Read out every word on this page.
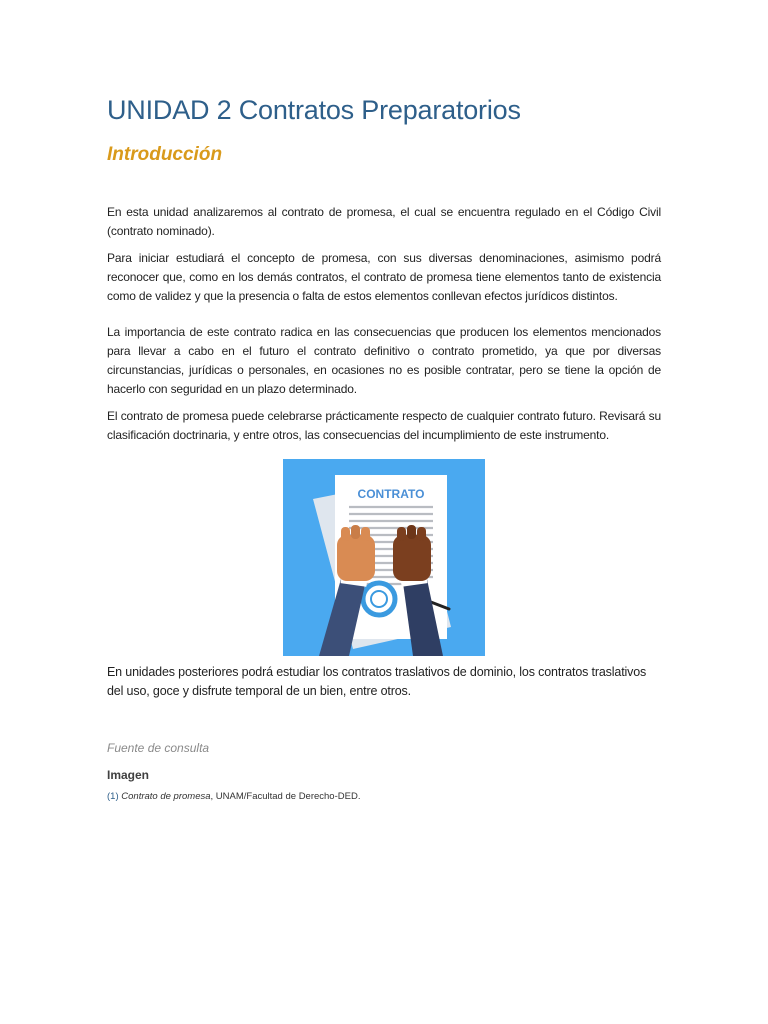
UNIDAD 2 Contratos Preparatorios
Introducción

En esta unidad analizaremos al contrato de promesa, el cual se encuentra regulado en el Código Civil (contrato nominado).

Para iniciar estudiará el concepto de promesa, con sus diversas denominaciones, asimismo podrá reconocer que, como en los demás contratos, el contrato de promesa tiene elementos tanto de existencia como de validez y que la presencia o falta de estos elementos conllevan efectos jurídicos distintos.

La importancia de este contrato radica en las consecuencias que producen los elementos mencionados para llevar a cabo en el futuro el contrato definitivo o contrato prometido, ya que por diversas circunstancias, jurídicas o personales, en ocasiones no es posible contratar, pero se tiene la opción de hacerlo con seguridad en un plazo determinado.

El contrato de promesa puede celebrarse prácticamente respecto de cualquier contrato futuro. Revisará su clasificación doctrinaria, y entre otros, las consecuencias del incumplimiento de este instrumento.

CONTRATO

En unidades posteriores podrá estudiar los contratos traslativos de dominio, los contratos traslativos del uso, goce y disfrute temporal de un bien, entre otros.

Fuente de consulta
Imagen
(1) Contrato de promesa, UNAM/Facultad de Derecho-DED.
